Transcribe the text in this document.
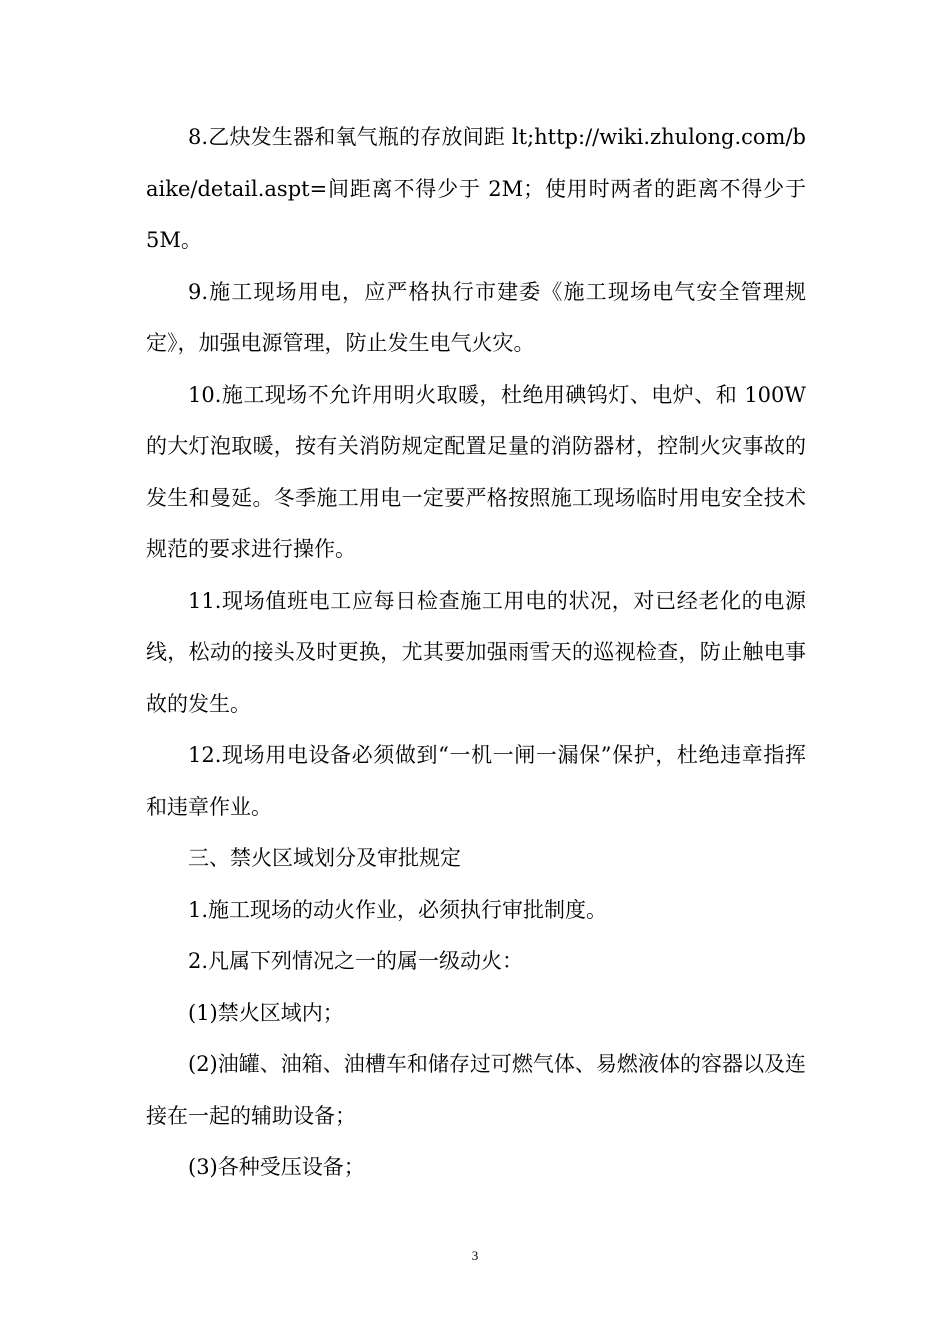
8.乙炔发生器和氧气瓶的存放间距 lt;http://wiki.zhulong.com/baike/detail.aspt=间距离不得少于 2M；使用时两者的距离不得少于 5M。

9.施工现场用电，应严格执行市建委《施工现场电气安全管理规定》，加强电源管理，防止发生电气火灾。

10.施工现场不允许用明火取暖，杜绝用碘钨灯、电炉、和 100W 的大灯泡取暖，按有关消防规定配置足量的消防器材，控制火灾事故的发生和曼延。冬季施工用电一定要严格按照施工现场临时用电安全技术规范的要求进行操作。

11.现场值班电工应每日检查施工用电的状况，对已经老化的电源线，松动的接头及时更换，尤其要加强雨雪天的巡视检查，防止触电事故的发生。

12.现场用电设备必须做到“一机一闸一漏保”保护，杜绝违章指挥和违章作业。

三、禁火区域划分及审批规定

1.施工现场的动火作业，必须执行审批制度。

2.凡属下列情况之一的属一级动火：

(1)禁火区域内；

(2)油罐、油箱、油槽车和储存过可燃气体、易燃液体的容器以及连接在一起的辅助设备；

(3)各种受压设备；

3
